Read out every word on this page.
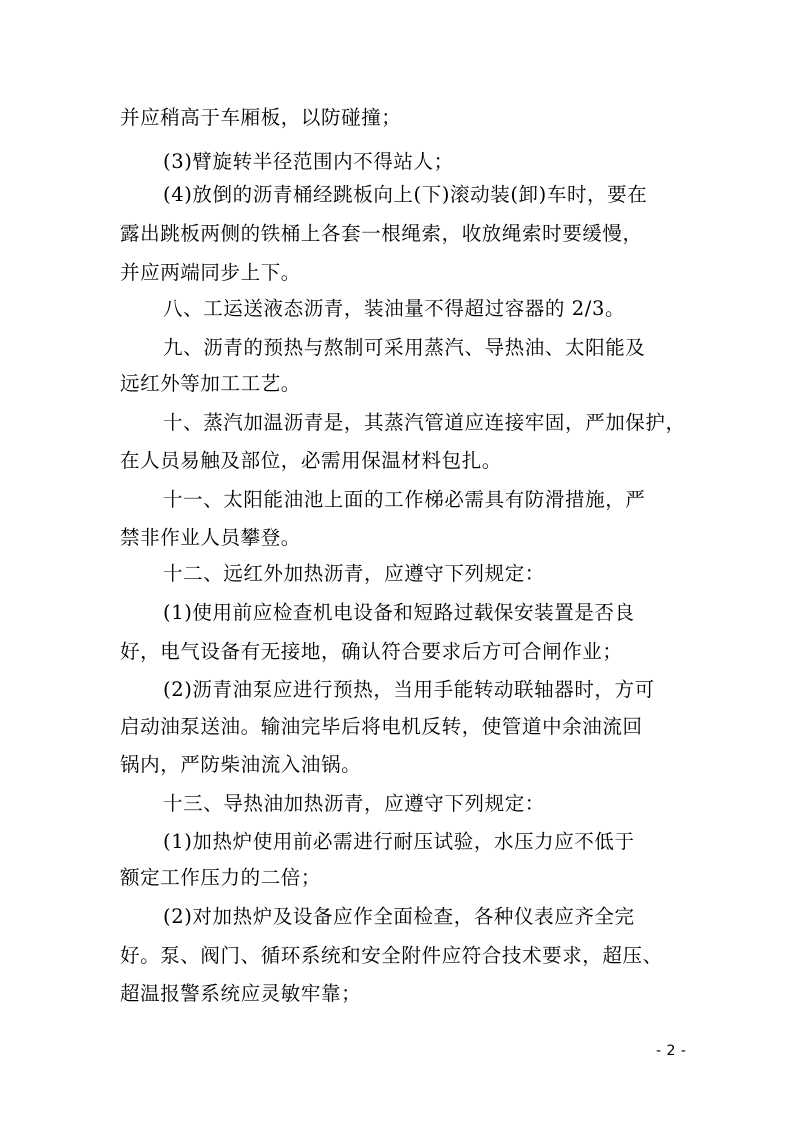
并应稍高于车厢板，以防碰撞；
(3)臂旋转半径范围内不得站人；
(4)放倒的沥青桶经跳板向上(下)滚动装(卸)车时，要在
露出跳板两侧的铁桶上各套一根绳索，收放绳索时要缓慢，
并应两端同步上下。
八、工运送液态沥青，装油量不得超过容器的 2/3。
九、沥青的预热与熬制可采用蒸汽、导热油、太阳能及
远红外等加工工艺。
十、蒸汽加温沥青是，其蒸汽管道应连接牢固，严加保护，
在人员易触及部位，必需用保温材料包扎。
十一、太阳能油池上面的工作梯必需具有防滑措施，严
禁非作业人员攀登。
十二、远红外加热沥青，应遵守下列规定：
(1)使用前应检查机电设备和短路过载保安装置是否良
好，电气设备有无接地，确认符合要求后方可合闸作业；
(2)沥青油泵应进行预热，当用手能转动联轴器时，方可
启动油泵送油。输油完毕后将电机反转，使管道中余油流回
锅内，严防柴油流入油锅。
十三、导热油加热沥青，应遵守下列规定：
(1)加热炉使用前必需进行耐压试验，水压力应不低于
额定工作压力的二倍；
(2)对加热炉及设备应作全面检查，各种仪表应齐全完
好。泵、阀门、循环系统和安全附件应符合技术要求，超压、
超温报警系统应灵敏牢靠；
- 2 -
